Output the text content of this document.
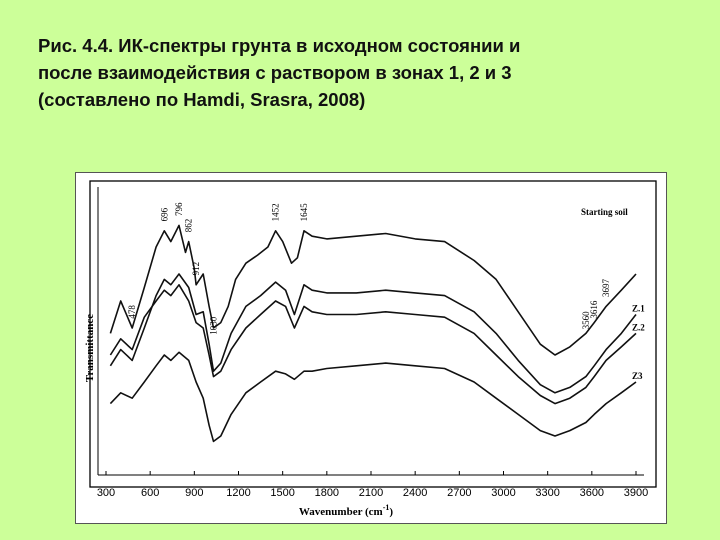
Рис. 4.4. ИК-спектры грунта в исходном состоянии и
после взаимодействия с раствором в зонах 1, 2 и 3
(составлено по Hamdi, Srasra, 2008)
300 600 900 1200 1500 1800 2100 2400 2700 3000 3300 3600 3900
478
696 796
862
912
1030
1452 1645
3560
3616
3697
Starting soil
Z.1
Z.2
Z3
Transmittance
Wavenumber $(cm^{-1})$
